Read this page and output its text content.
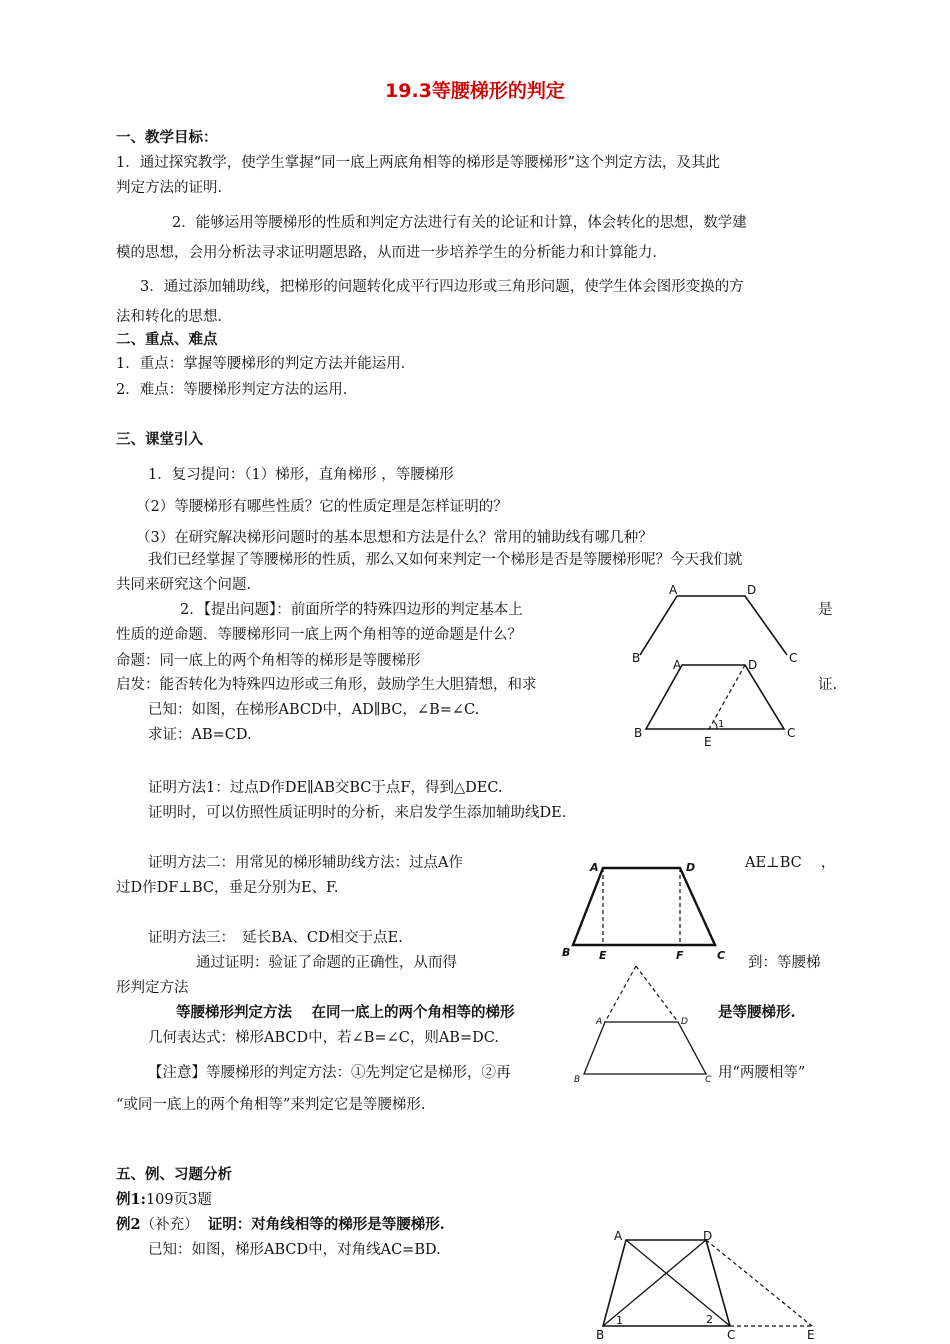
19.3等腰梯形的判定
一、教学目标：
1．通过探究教学，使学生掌握“同一底上两底角相等的梯形是等腰梯形”这个判定方法，及其此
判定方法的证明．
2．能够运用等腰梯形的性质和判定方法进行有关的论证和计算，体会转化的思想，数学建
模的思想，会用分析法寻求证明题思路，从而进一步培养学生的分析能力和计算能力．
3．通过添加辅助线，把梯形的问题转化成平行四边形或三角形问题，使学生体会图形变换的方
法和转化的思想．
二、重点、难点
1．重点：掌握等腰梯形的判定方法并能运用．
2．难点：等腰梯形判定方法的运用．
三、课堂引入
1．复习提问：（1）梯形，直角梯形 ，等腰梯形
（2）等腰梯形有哪些性质？它的性质定理是怎样证明的？
（3）在研究解决梯形问题时的基本思想和方法是什么？常用的辅助线有哪几种？
我们已经掌握了等腰梯形的性质，那么又如何来判定一个梯形是否是等腰梯形呢？今天我们就
共同来研究这个问题.
2．【提出问题】：前面所学的特殊四边形的判定基本上	是
性质的逆命题．等腰梯形同一底上两个角相等的逆命题是什么？
命题：同一底上的两个角相等的梯形是等腰梯形
启发：能否转化为特殊四边形或三角形，鼓励学生大胆猜想，和求	证.
已知：如图，在梯形ABCD中，AD∥BC，∠B=∠C.
求证：AB=CD.
证明方法1：过点D作DE∥AB交BC于点F，得到△DEC.
证明时，可以仿照性质证明时的分析，来启发学生添加辅助线DE.
证明方法二：用常见的梯形辅助线方法：过点A作	AE⊥BC　 ，
过D作DF⊥BC，垂足分别为E、F.
证明方法三：　延长BA、CD相交于点E.
通过证明：验证了命题的正确性，从而得	到：等腰梯
形判定方法
等腰梯形判定方法　 在同一底上的两个角相等的梯形	是等腰梯形.
几何表达式：梯形ABCD中，若∠B=∠C，则AB=DC.
【注意】等腰梯形的判定方法：①先判定它是梯形，②再	用“两腰相等”
“或同一底上的两个角相等”来判定它是等腰梯形.
五、例、习题分析
例1:109页3题
例2（补充） 证明：对角线相等的梯形是等腰梯形.
已知：如图，梯形ABCD中，对角线AC=BD.
A	D
B	C
B
A	D
C
E
1
A	D
B	C
E	F
A	D
B	C
A	D
B	C	E
1	2
